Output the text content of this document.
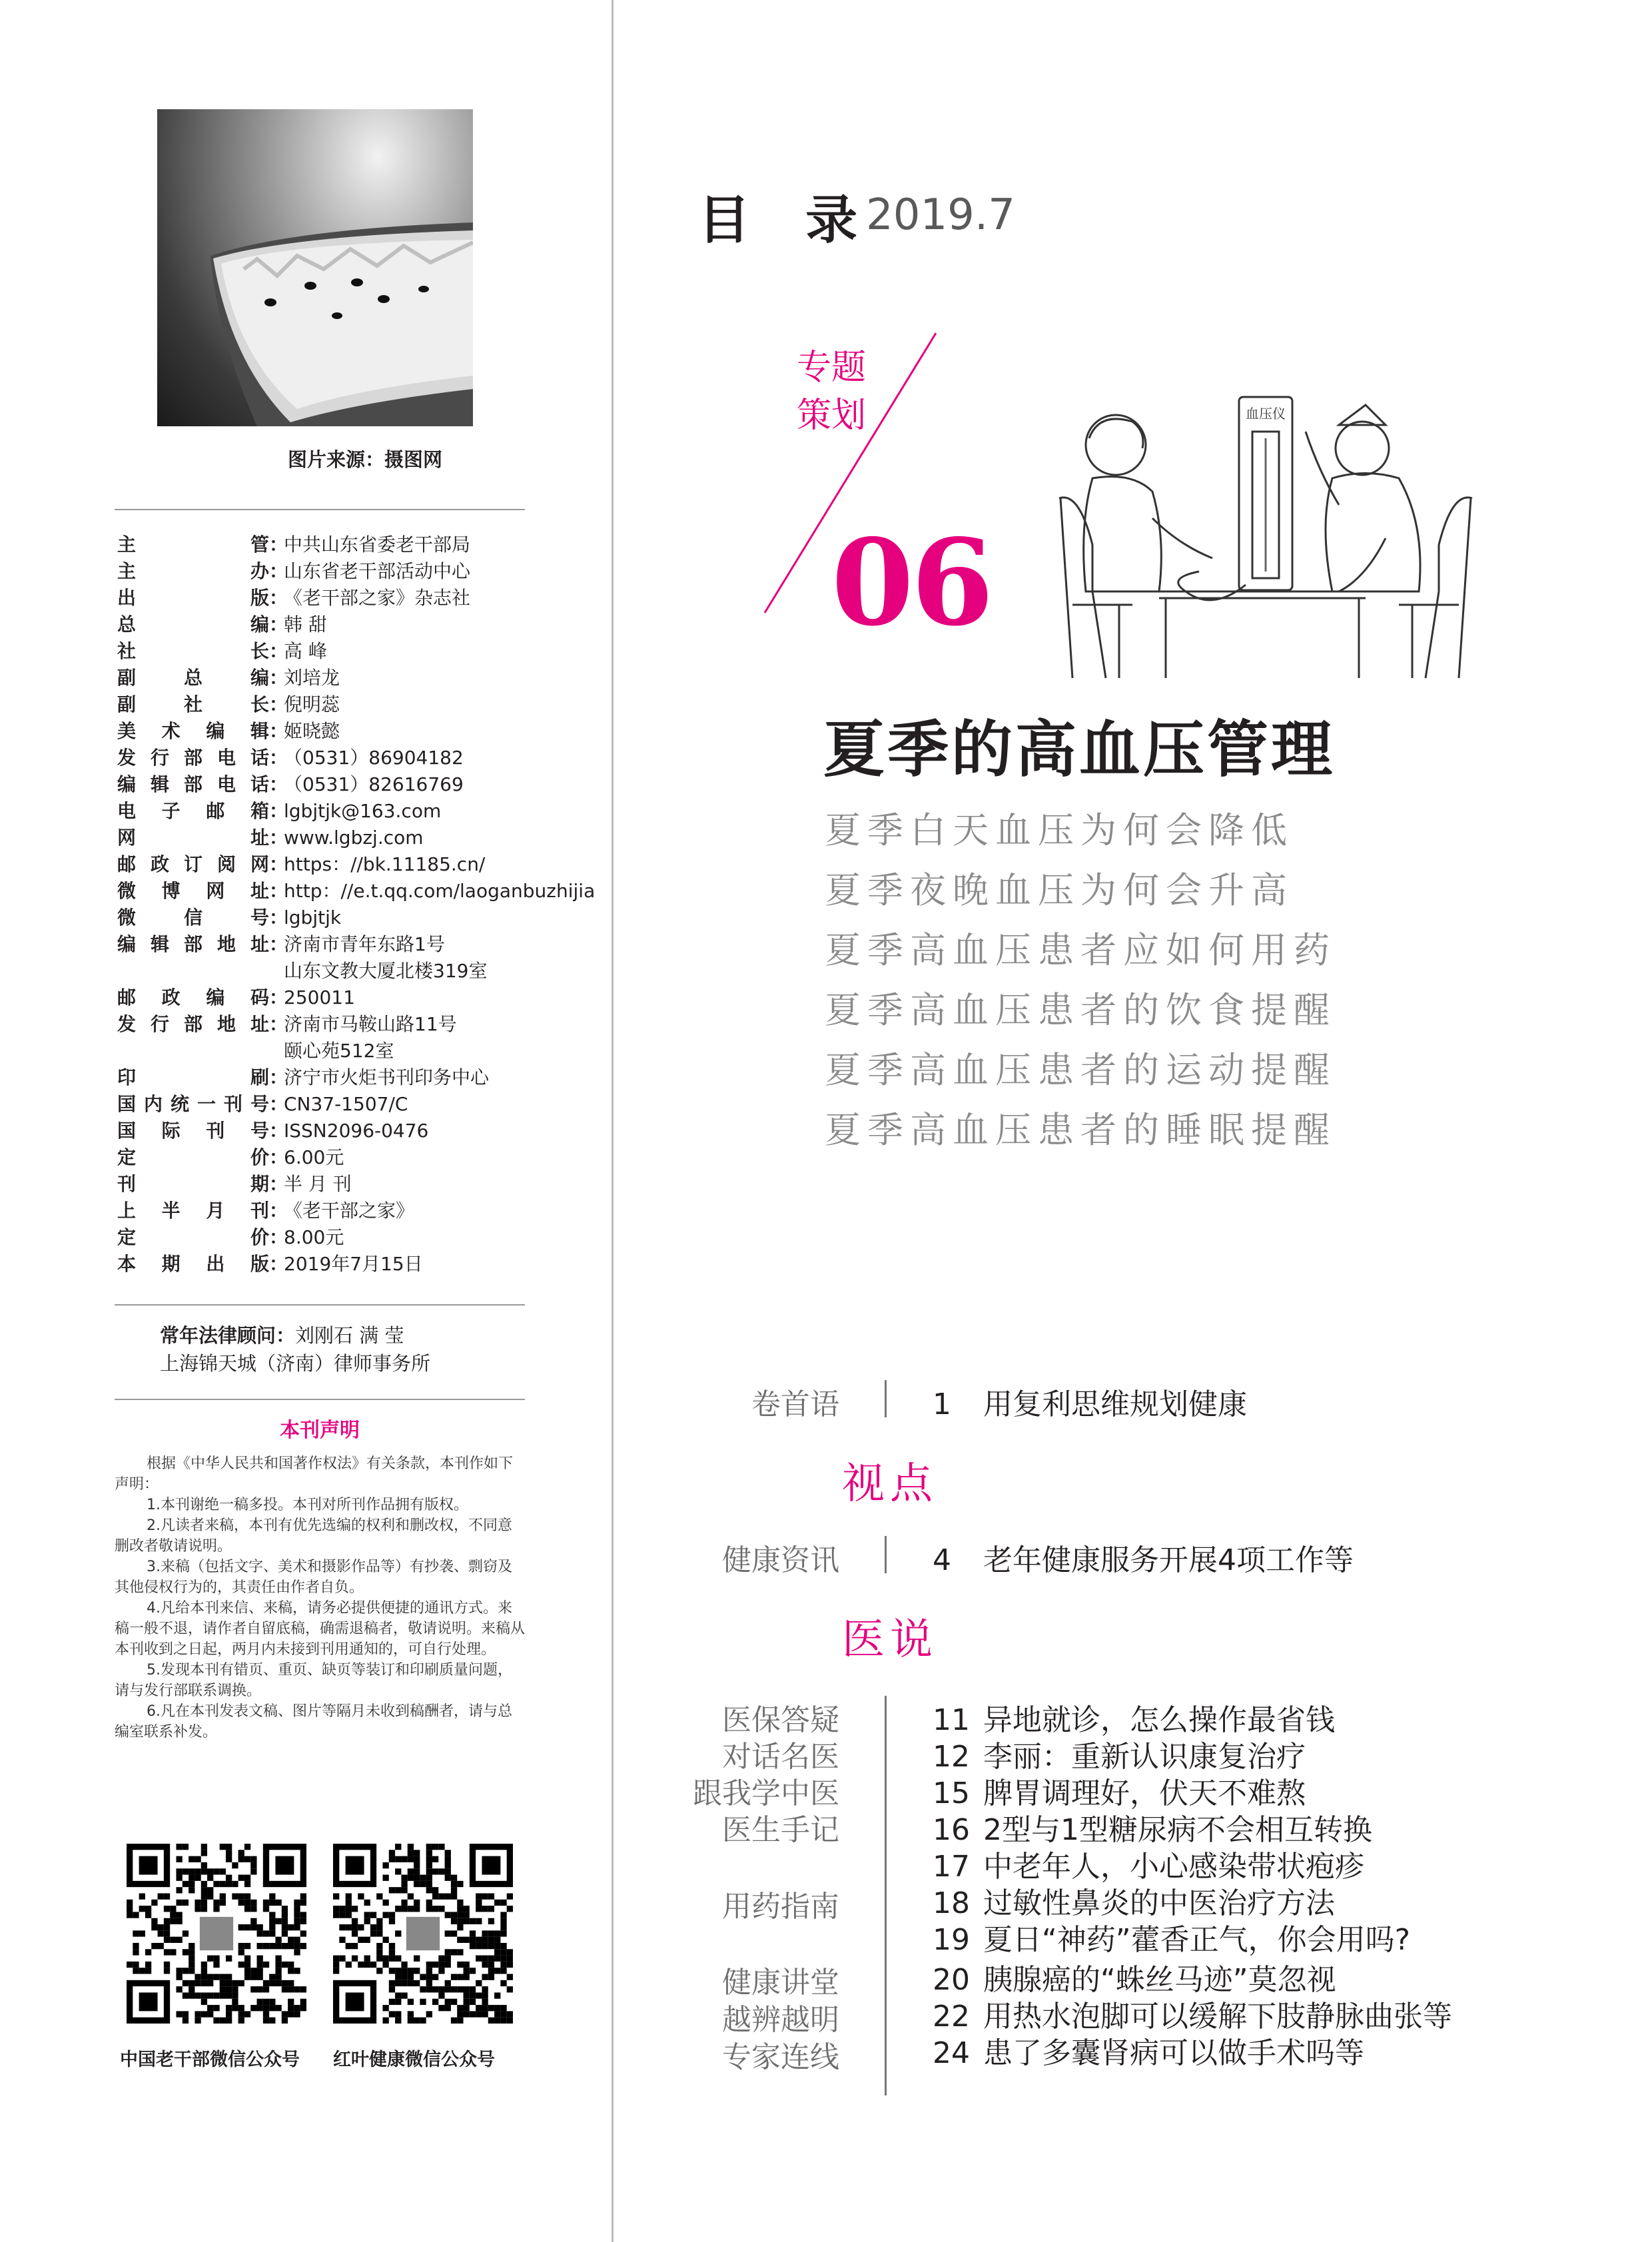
图片来源：摄图网
主管 ：
中共山东省委老干部局
主办 ：
山东省老干部活动中心
出版 ：
《老干部之家》杂志社
总编 ：
韩 甜
社长 ：
高 峰
副总编 ：
刘培龙
副社长 ：
倪明蕊
美术编辑 ：
姬晓懿
发行部电话 ：
（0531）86904182
编辑部电话 ：
（0531）82616769
电子邮箱 ：
lgbjtjk@163.com
网址 ：
www.lgbzj.com
邮政订阅网 ：
https：//bk.11185.cn/
微博网址 ：
http：//e.t.qq.com/laoganbuzhijia
微信号 ：
lgbjtjk
编辑部地址 ：
济南市青年东路1号
山东文教大厦北楼319室
邮政编码 ：
250011
发行部地址 ：
济南市马鞍山路11号
颐心苑512室
印刷 ：
济宁市火炬书刊印务中心
国内统一刊号 ：
CN37-1507/C
国际刊号 ：
ISSN2096-0476
定价 ：
6.00元
刊期 ：
半 月 刊
上半月刊 ：
《老干部之家》
定价 ：
8.00元
本期出版 ：
2019年7月15日
常年法律顾问：刘刚石 满 莹
上海锦天城（济南）律师事务所
本刊声明

根据《中华人民共和国著作权法》有关条款，本刊作如下声明：

1.本刊谢绝一稿多投。本刊对所刊作品拥有版权。

2.凡读者来稿，本刊有优先选编的权利和删改权，不同意删改者敬请说明。

3.来稿（包括文字、美术和摄影作品等）有抄袭、剽窃及其他侵权行为的，其责任由作者自负。

4.凡给本刊来信、来稿，请务必提供便捷的通讯方式。来稿一般不退，请作者自留底稿，确需退稿者，敬请说明。来稿从本刊收到之日起，两月内未接到刊用通知的，可自行处理。

5.发现本刊有错页、重页、缺页等装订和印刷质量问题，请与发行部联系调换。

6.凡在本刊发表文稿、图片等隔月未收到稿酬者，请与总编室联系补发。

中国老干部微信公众号 红叶健康微信公众号
目 录
2019.7
专题
策划
06
血压仪
夏季的高血压管理
夏季白天血压为何会降低
夏季夜晚血压为何会升高
夏季高血压患者应如何用药
夏季高血压患者的饮食提醒
夏季高血压患者的运动提醒
夏季高血压患者的睡眠提醒
卷首语	1 用复利思维规划健康
视点
健康资讯	4 老年健康服务开展4项工作等
医说
医保答疑
对话名医
跟我学中医
医生手记
用药指南
健康讲堂
越辨越明
专家连线
11 异地就诊，怎么操作最省钱
12 李丽：重新认识康复治疗
15 脾胃调理好，伏天不难熬
16 2型与1型糖尿病不会相互转换
17 中老年人，小心感染带状疱疹
18 过敏性鼻炎的中医治疗方法
19 夏日“神药”藿香正气，你会用吗?
20 胰腺癌的“蛛丝马迹”莫忽视
22 用热水泡脚可以缓解下肢静脉曲张等
24 患了多囊肾病可以做手术吗等
